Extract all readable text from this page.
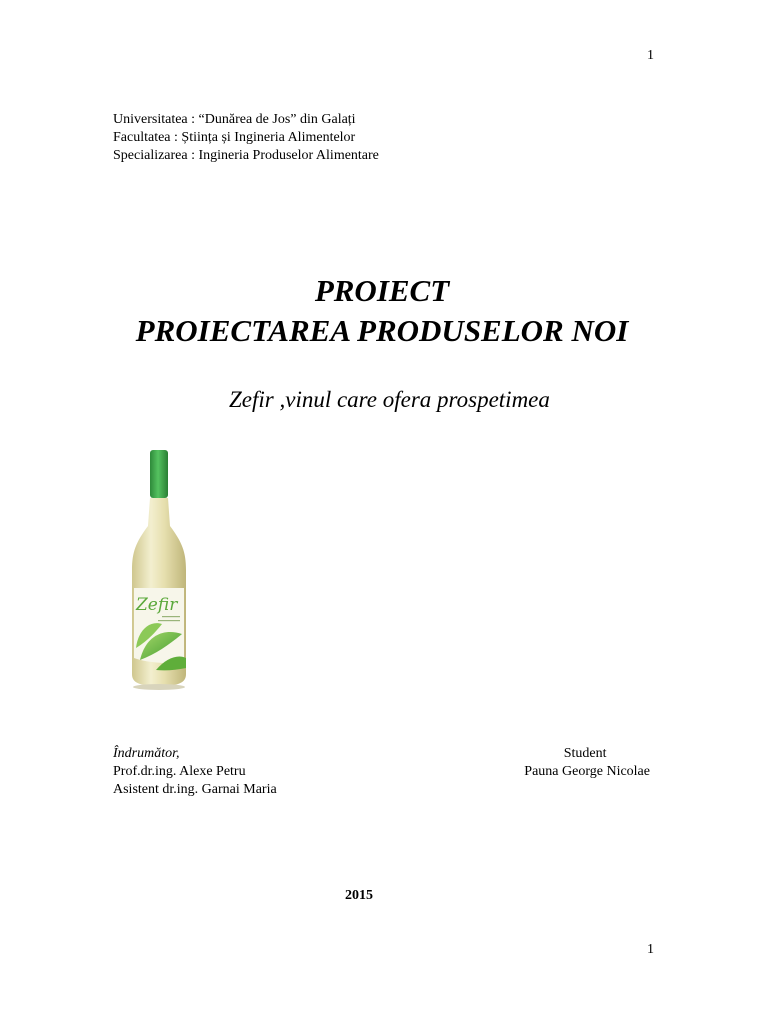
1
Universitatea : “Dunărea de Jos” din Galați
Facultatea : Știința și Ingineria Alimentelor
Specializarea : Ingineria Produselor Alimentare
PROIECT
PROIECTAREA PRODUSELOR NOI
Zefir ,vinul care ofera prospetimea
Zefir
Îndrumător,
Prof.dr.ing. Alexe Petru
Asistent dr.ing. Garnai Maria
Student
Pauna George Nicolae
2015
1
